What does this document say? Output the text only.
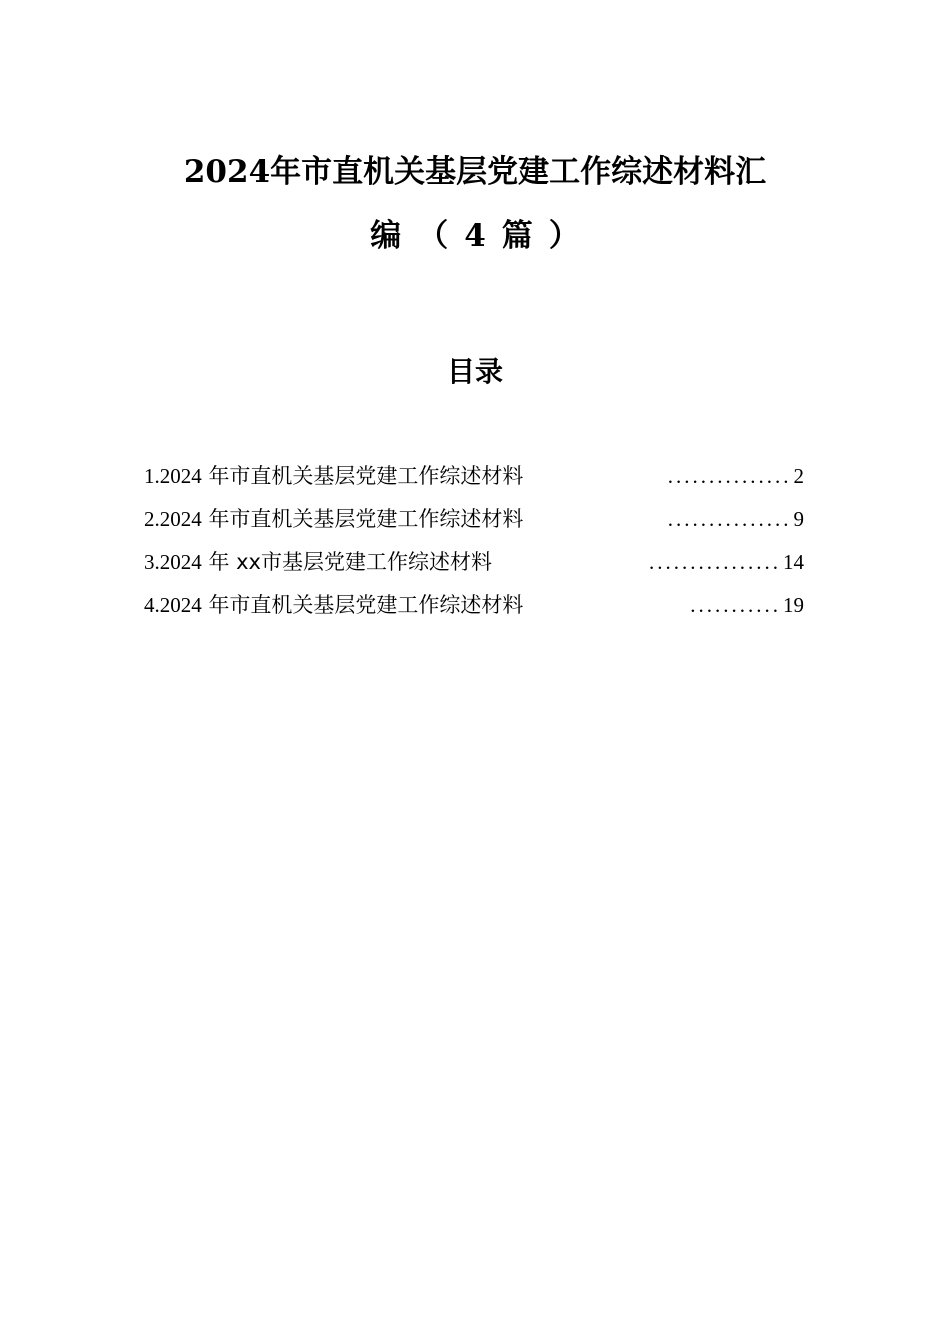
2024年市直机关基层党建工作综述材料汇
编（4篇）
目录
1.2024 年市直机关基层党建工作综述材料	............... 2
2.2024 年市直机关基层党建工作综述材料	............... 9
3.2024 年 xx市基层党建工作综述材料	................ 14
4.2024 年市直机关基层党建工作综述材料	........... 19
